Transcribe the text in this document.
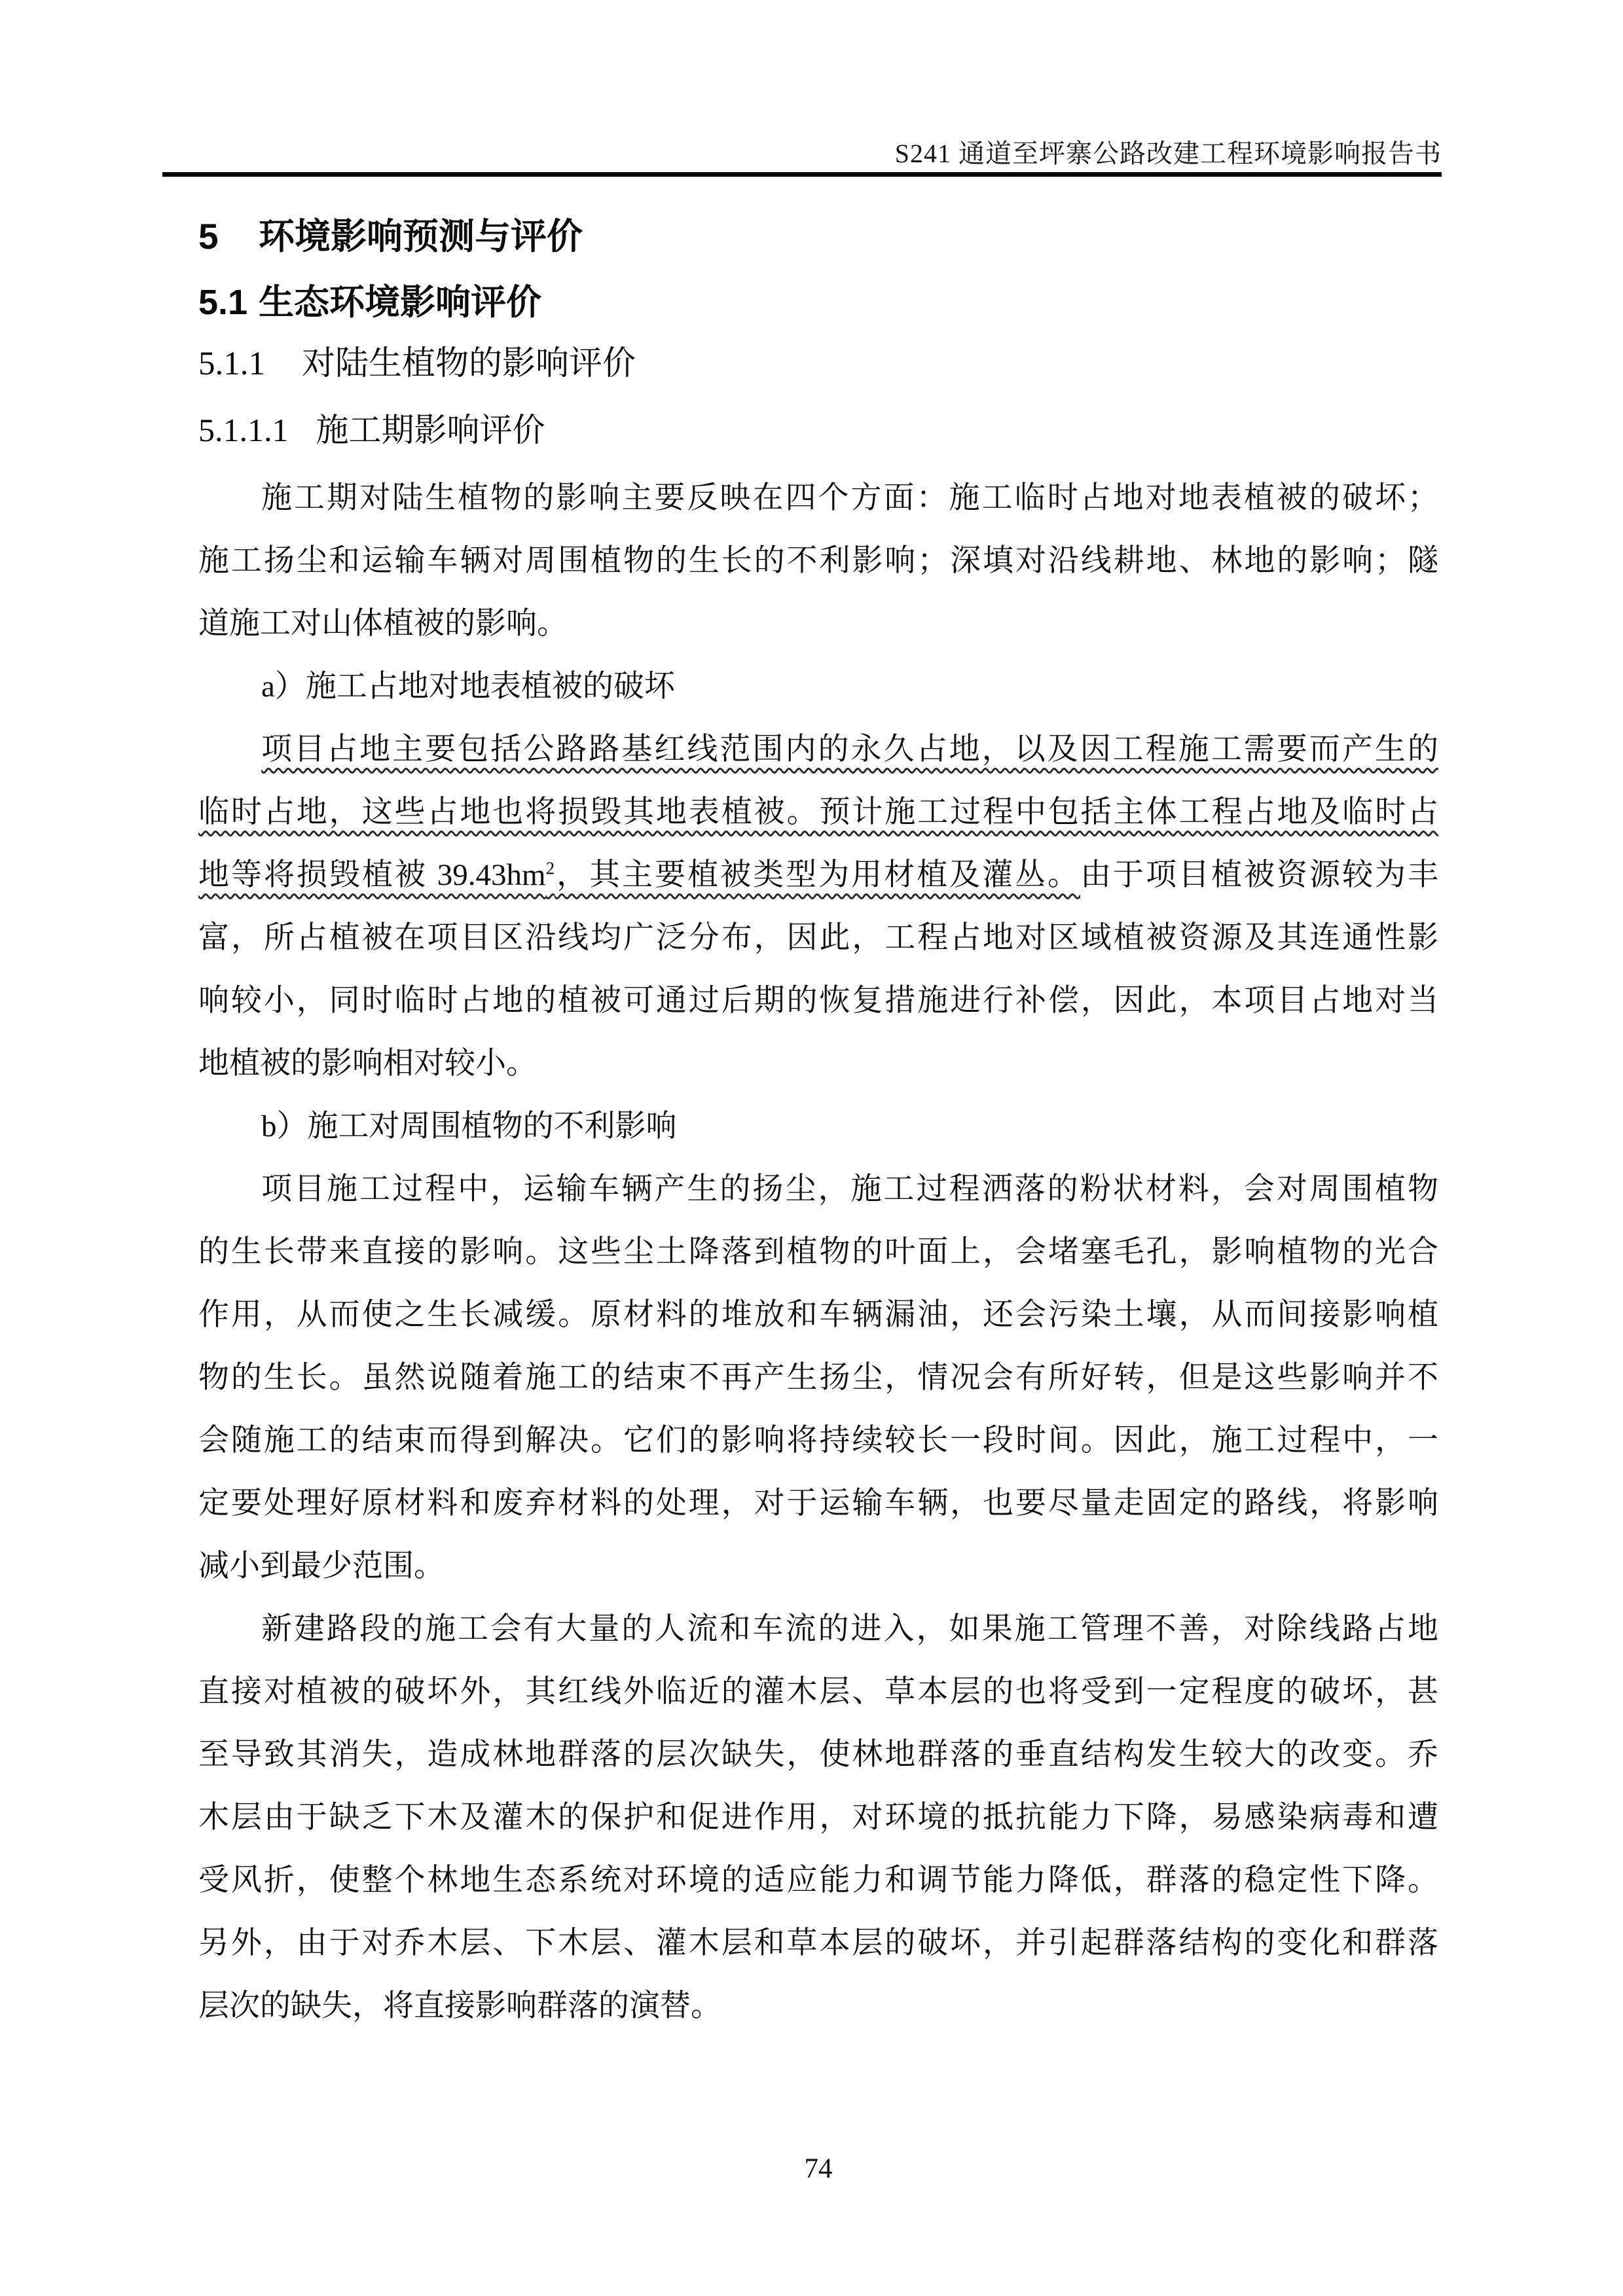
S241 通道至坪寨公路改建工程环境影响报告书
5 环境影响预测与评价
5.1 生态环境影响评价
5.1.1 对陆生植物的影响评价
5.1.1.1 施工期影响评价
施工期对陆生植物的影响主要反映在四个方面：施工临时占地对地表植被的破坏；
施工扬尘和运输车辆对周围植物的生长的不利影响；深填对沿线耕地、林地的影响；隧
道施工对山体植被的影响。
a）施工占地对地表植被的破坏
项目占地主要包括公路路基红线范围内的永久占地，以及因工程施工需要而产生的
临时占地，这些占地也将损毁其地表植被。预计施工过程中包括主体工程占地及临时占
地等将损毁植被 $39.43hm^2$，其主要植被类型为用材植及灌丛。由于项目植被资源较为丰
富，所占植被在项目区沿线均广泛分布，因此，工程占地对区域植被资源及其连通性影
响较小，同时临时占地的植被可通过后期的恢复措施进行补偿，因此，本项目占地对当
地植被的影响相对较小。
b）施工对周围植物的不利影响
项目施工过程中，运输车辆产生的扬尘，施工过程洒落的粉状材料，会对周围植物
的生长带来直接的影响。这些尘土降落到植物的叶面上，会堵塞毛孔，影响植物的光合
作用，从而使之生长减缓。原材料的堆放和车辆漏油，还会污染土壤，从而间接影响植
物的生长。虽然说随着施工的结束不再产生扬尘，情况会有所好转，但是这些影响并不
会随施工的结束而得到解决。它们的影响将持续较长一段时间。因此，施工过程中，一
定要处理好原材料和废弃材料的处理，对于运输车辆，也要尽量走固定的路线，将影响
减小到最少范围。
新建路段的施工会有大量的人流和车流的进入，如果施工管理不善，对除线路占地
直接对植被的破坏外，其红线外临近的灌木层、草本层的也将受到一定程度的破坏，甚
至导致其消失，造成林地群落的层次缺失，使林地群落的垂直结构发生较大的改变。乔
木层由于缺乏下木及灌木的保护和促进作用，对环境的抵抗能力下降，易感染病毒和遭
受风折，使整个林地生态系统对环境的适应能力和调节能力降低，群落的稳定性下降。
另外，由于对乔木层、下木层、灌木层和草本层的破坏，并引起群落结构的变化和群落
层次的缺失，将直接影响群落的演替。
74
